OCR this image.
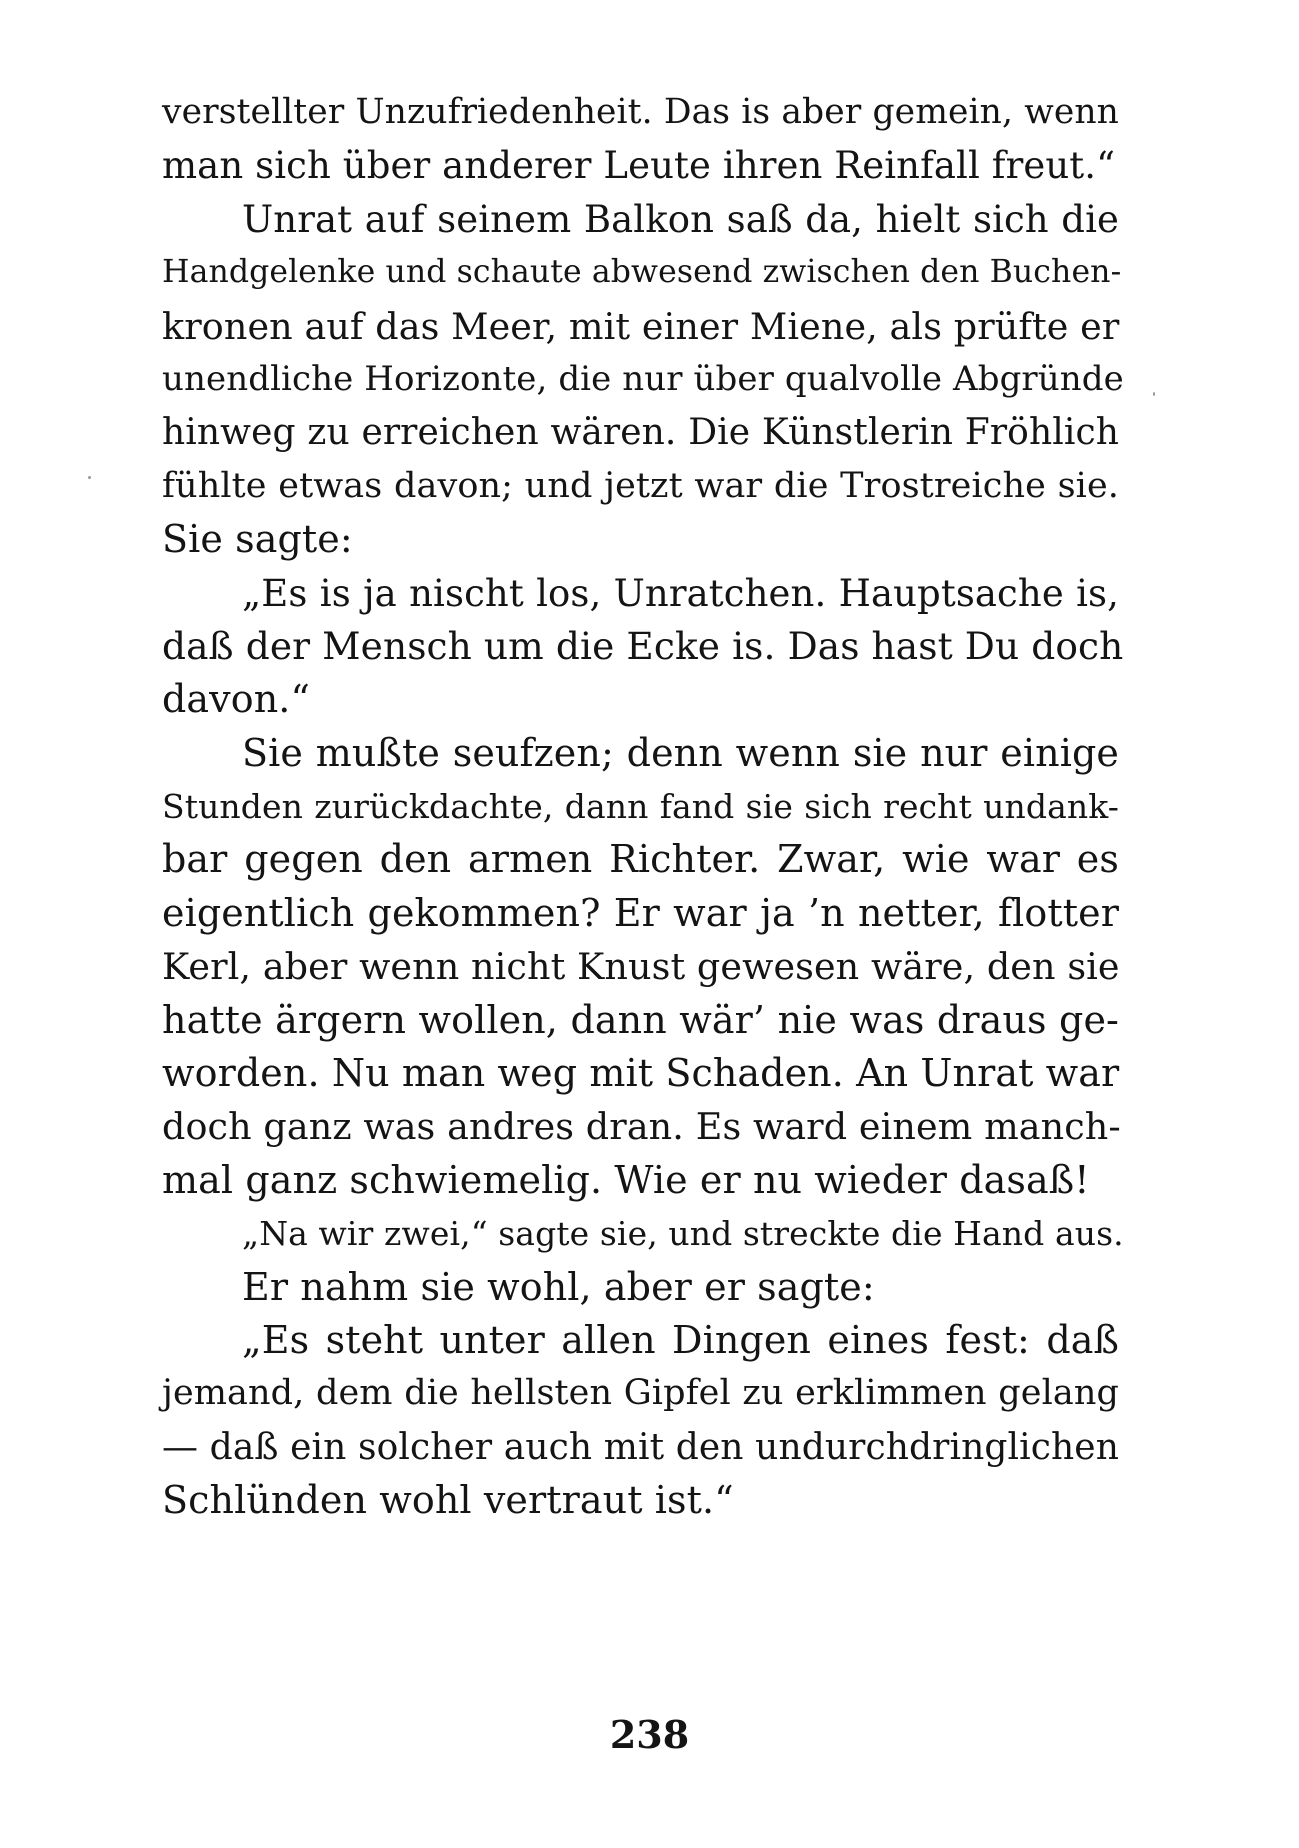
verstellter Unzufriedenheit. Das is aber gemein, wenn
man sich über anderer Leute ihren Reinfall freut.“
Unrat auf seinem Balkon saß da, hielt sich die
Handgelenke und schaute abwesend zwischen den Buchen-
kronen auf das Meer, mit einer Miene, als prüfte er
unendliche Horizonte, die nur über qualvolle Abgründe
hinweg zu erreichen wären. Die Künstlerin Fröhlich
fühlte etwas davon; und jetzt war die Trostreiche sie.
Sie sagte:
„Es is ja nischt los, Unratchen. Hauptsache is,
daß der Mensch um die Ecke is. Das hast Du doch
davon.“
Sie mußte seufzen; denn wenn sie nur einige
Stunden zurückdachte, dann fand sie sich recht undank-
bar gegen den armen Richter. Zwar, wie war es
eigentlich gekommen? Er war ja ’n netter, flotter
Kerl, aber wenn nicht Knust gewesen wäre, den sie
hatte ärgern wollen, dann wär’ nie was draus ge-
worden. Nu man weg mit Schaden. An Unrat war
doch ganz was andres dran. Es ward einem manch-
mal ganz schwiemelig. Wie er nu wieder dasaß!
„Na wir zwei,“ sagte sie, und streckte die Hand aus.
Er nahm sie wohl, aber er sagte:
„Es steht unter allen Dingen eines fest: daß
jemand, dem die hellsten Gipfel zu erklimmen gelang
— daß ein solcher auch mit den undurchdringlichen
Schlünden wohl vertraut ist.“
238
